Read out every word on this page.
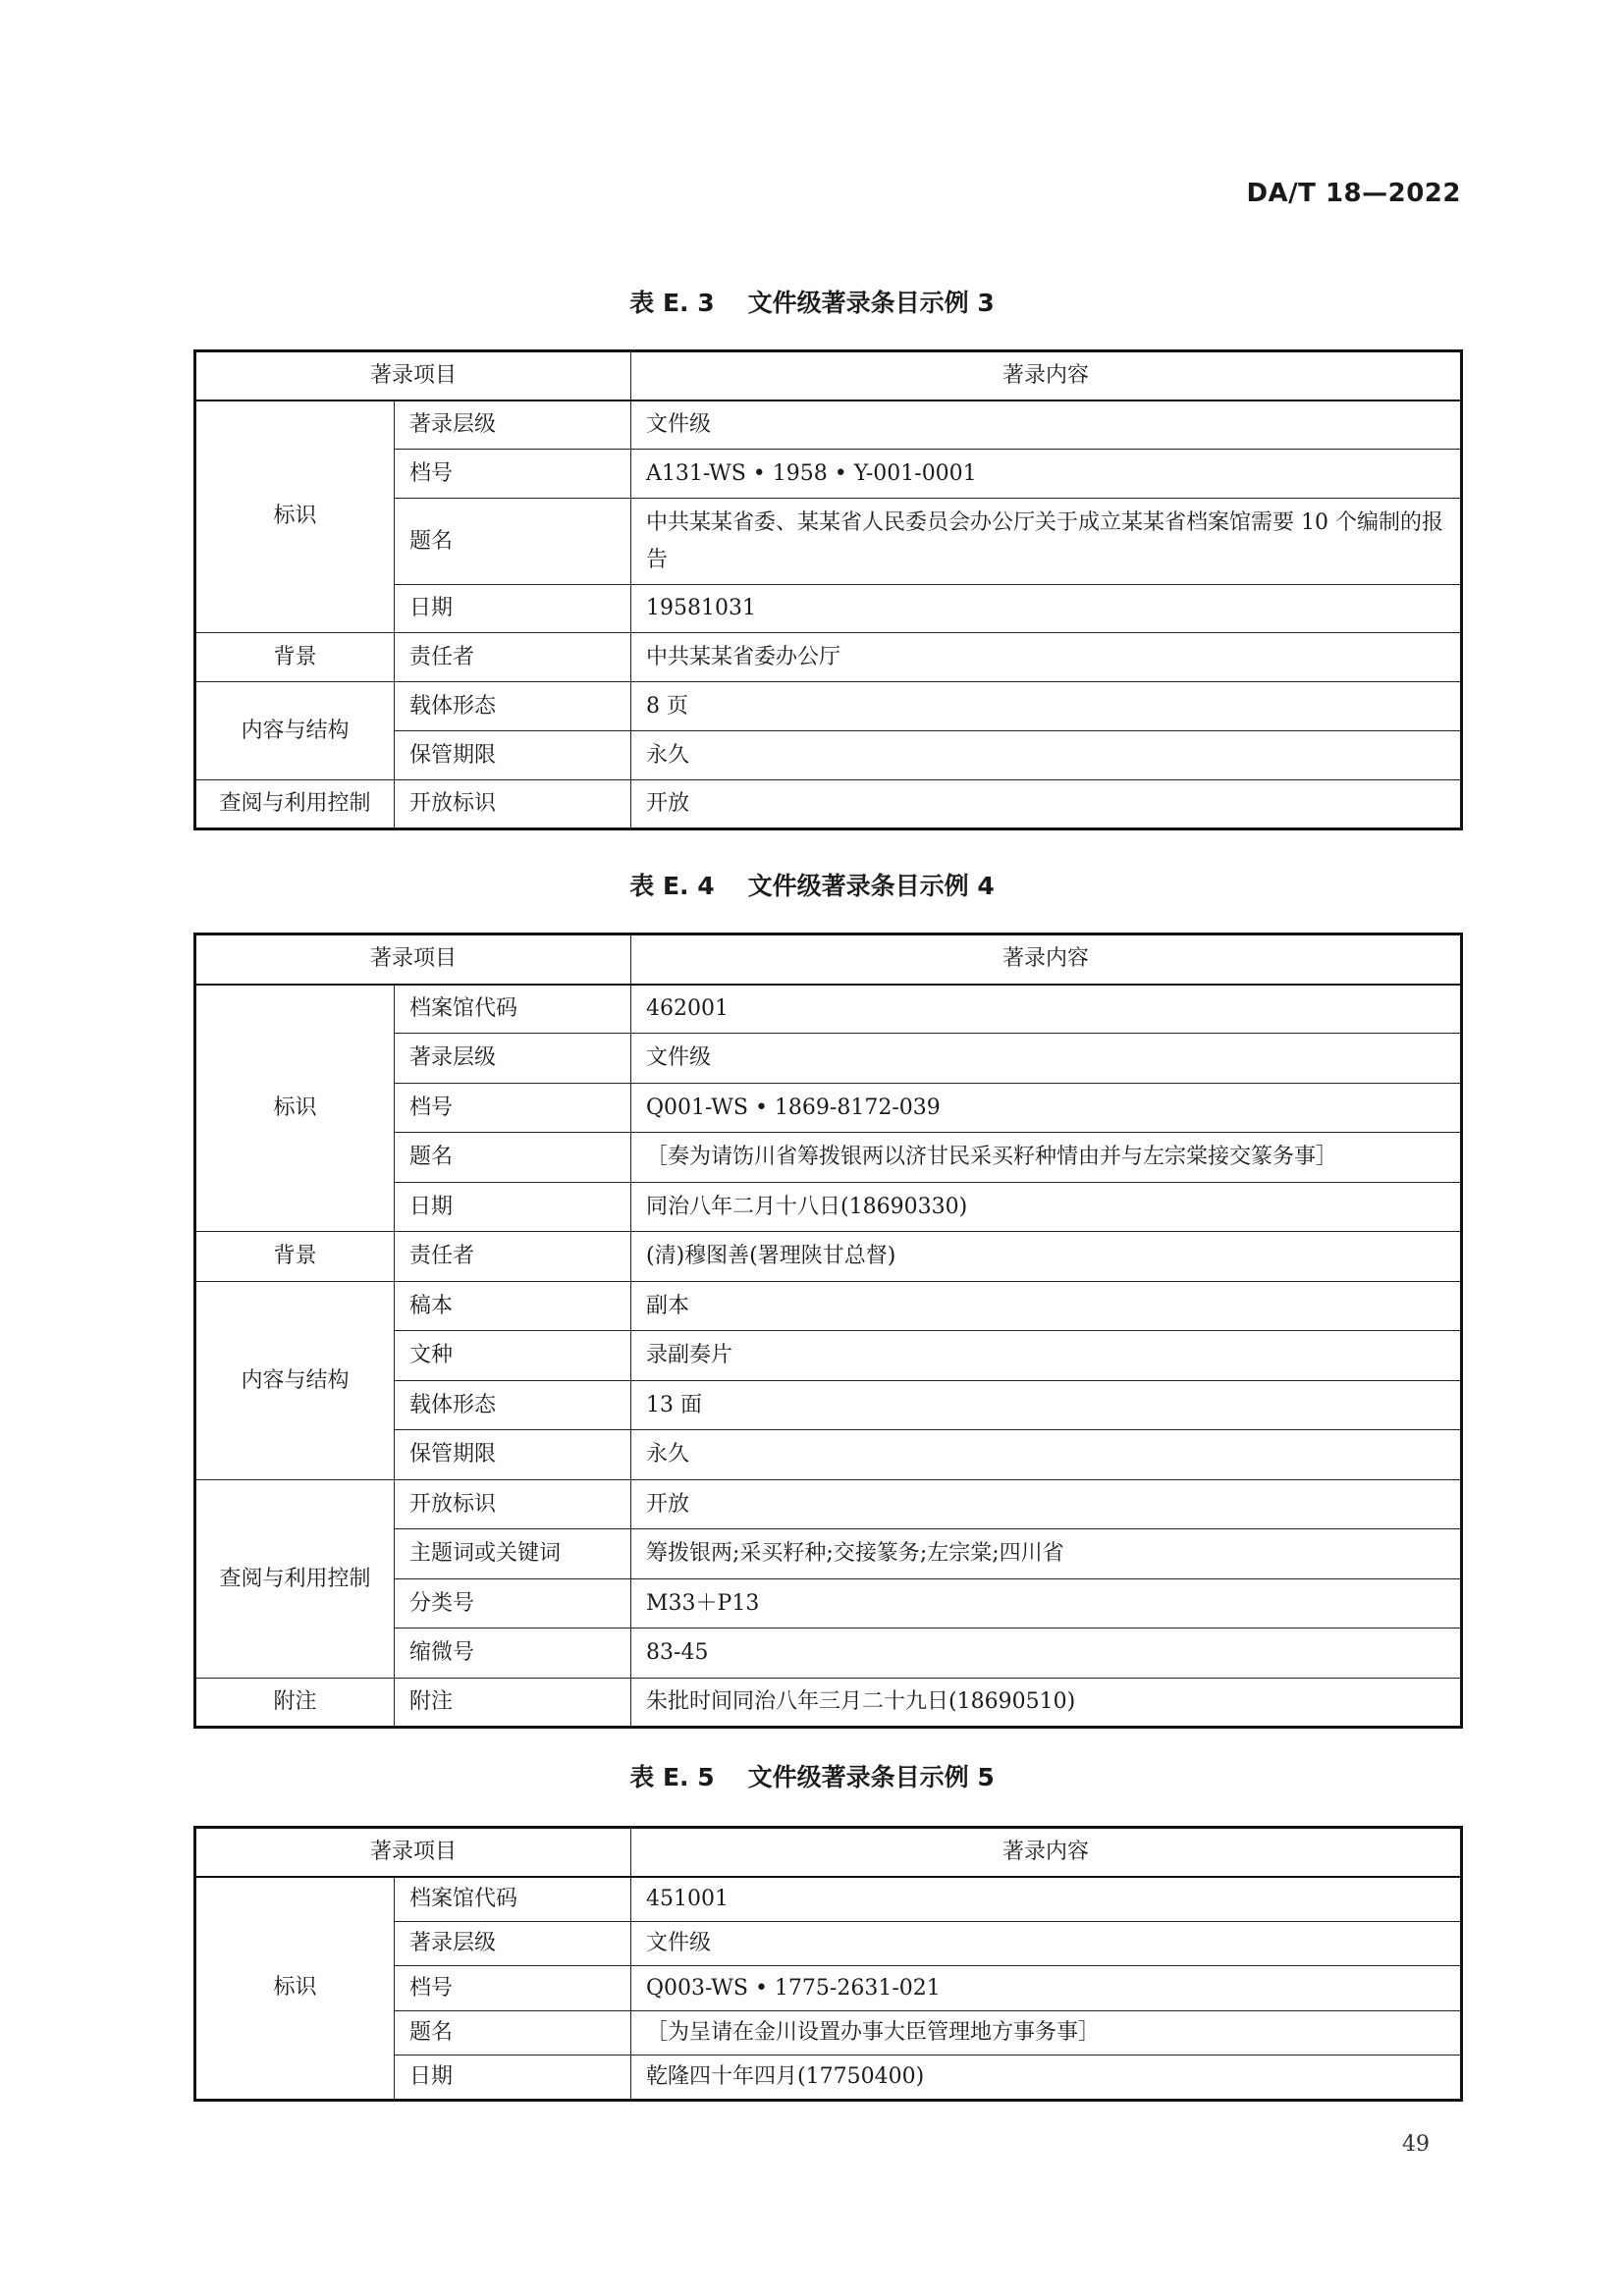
DA/T 18—2022
表 E. 3 文件级著录条目示例 3
著录项目		著录内容
标识	著录层级	文件级
	档号	A131-WS • 1958 • Y-001-0001
	题名	中共某某省委、某某省人民委员会办公厅关于成立某某省档案馆需要 10 个编制的报告
	日期	19581031
背景	责任者	中共某某省委办公厅
内容与结构	载体形态	8 页
	保管期限	永久
查阅与利用控制	开放标识	开放
表 E. 4 文件级著录条目示例 4
著录项目		著录内容
标识	档案馆代码	462001
	著录层级	文件级
	档号	Q001-WS • 1869-8172-039
	题名	［奏为请饬川省筹拨银两以济甘民采买籽种情由并与左宗棠接交篆务事］
	日期	同治八年二月十八日(18690330)
背景	责任者	(清)穆图善(署理陕甘总督)
内容与结构	稿本	副本
	文种	录副奏片
	载体形态	13 面
	保管期限	永久
查阅与利用控制	开放标识	开放
	主题词或关键词	筹拨银两;采买籽种;交接篆务;左宗棠;四川省
	分类号	M33＋P13
	缩微号	83-45
附注	附注	朱批时间同治八年三月二十九日(18690510)
表 E. 5 文件级著录条目示例 5
著录项目		著录内容
标识	档案馆代码	451001
	著录层级	文件级
	档号	Q003-WS • 1775-2631-021
	题名	［为呈请在金川设置办事大臣管理地方事务事］
	日期	乾隆四十年四月(17750400)
49
